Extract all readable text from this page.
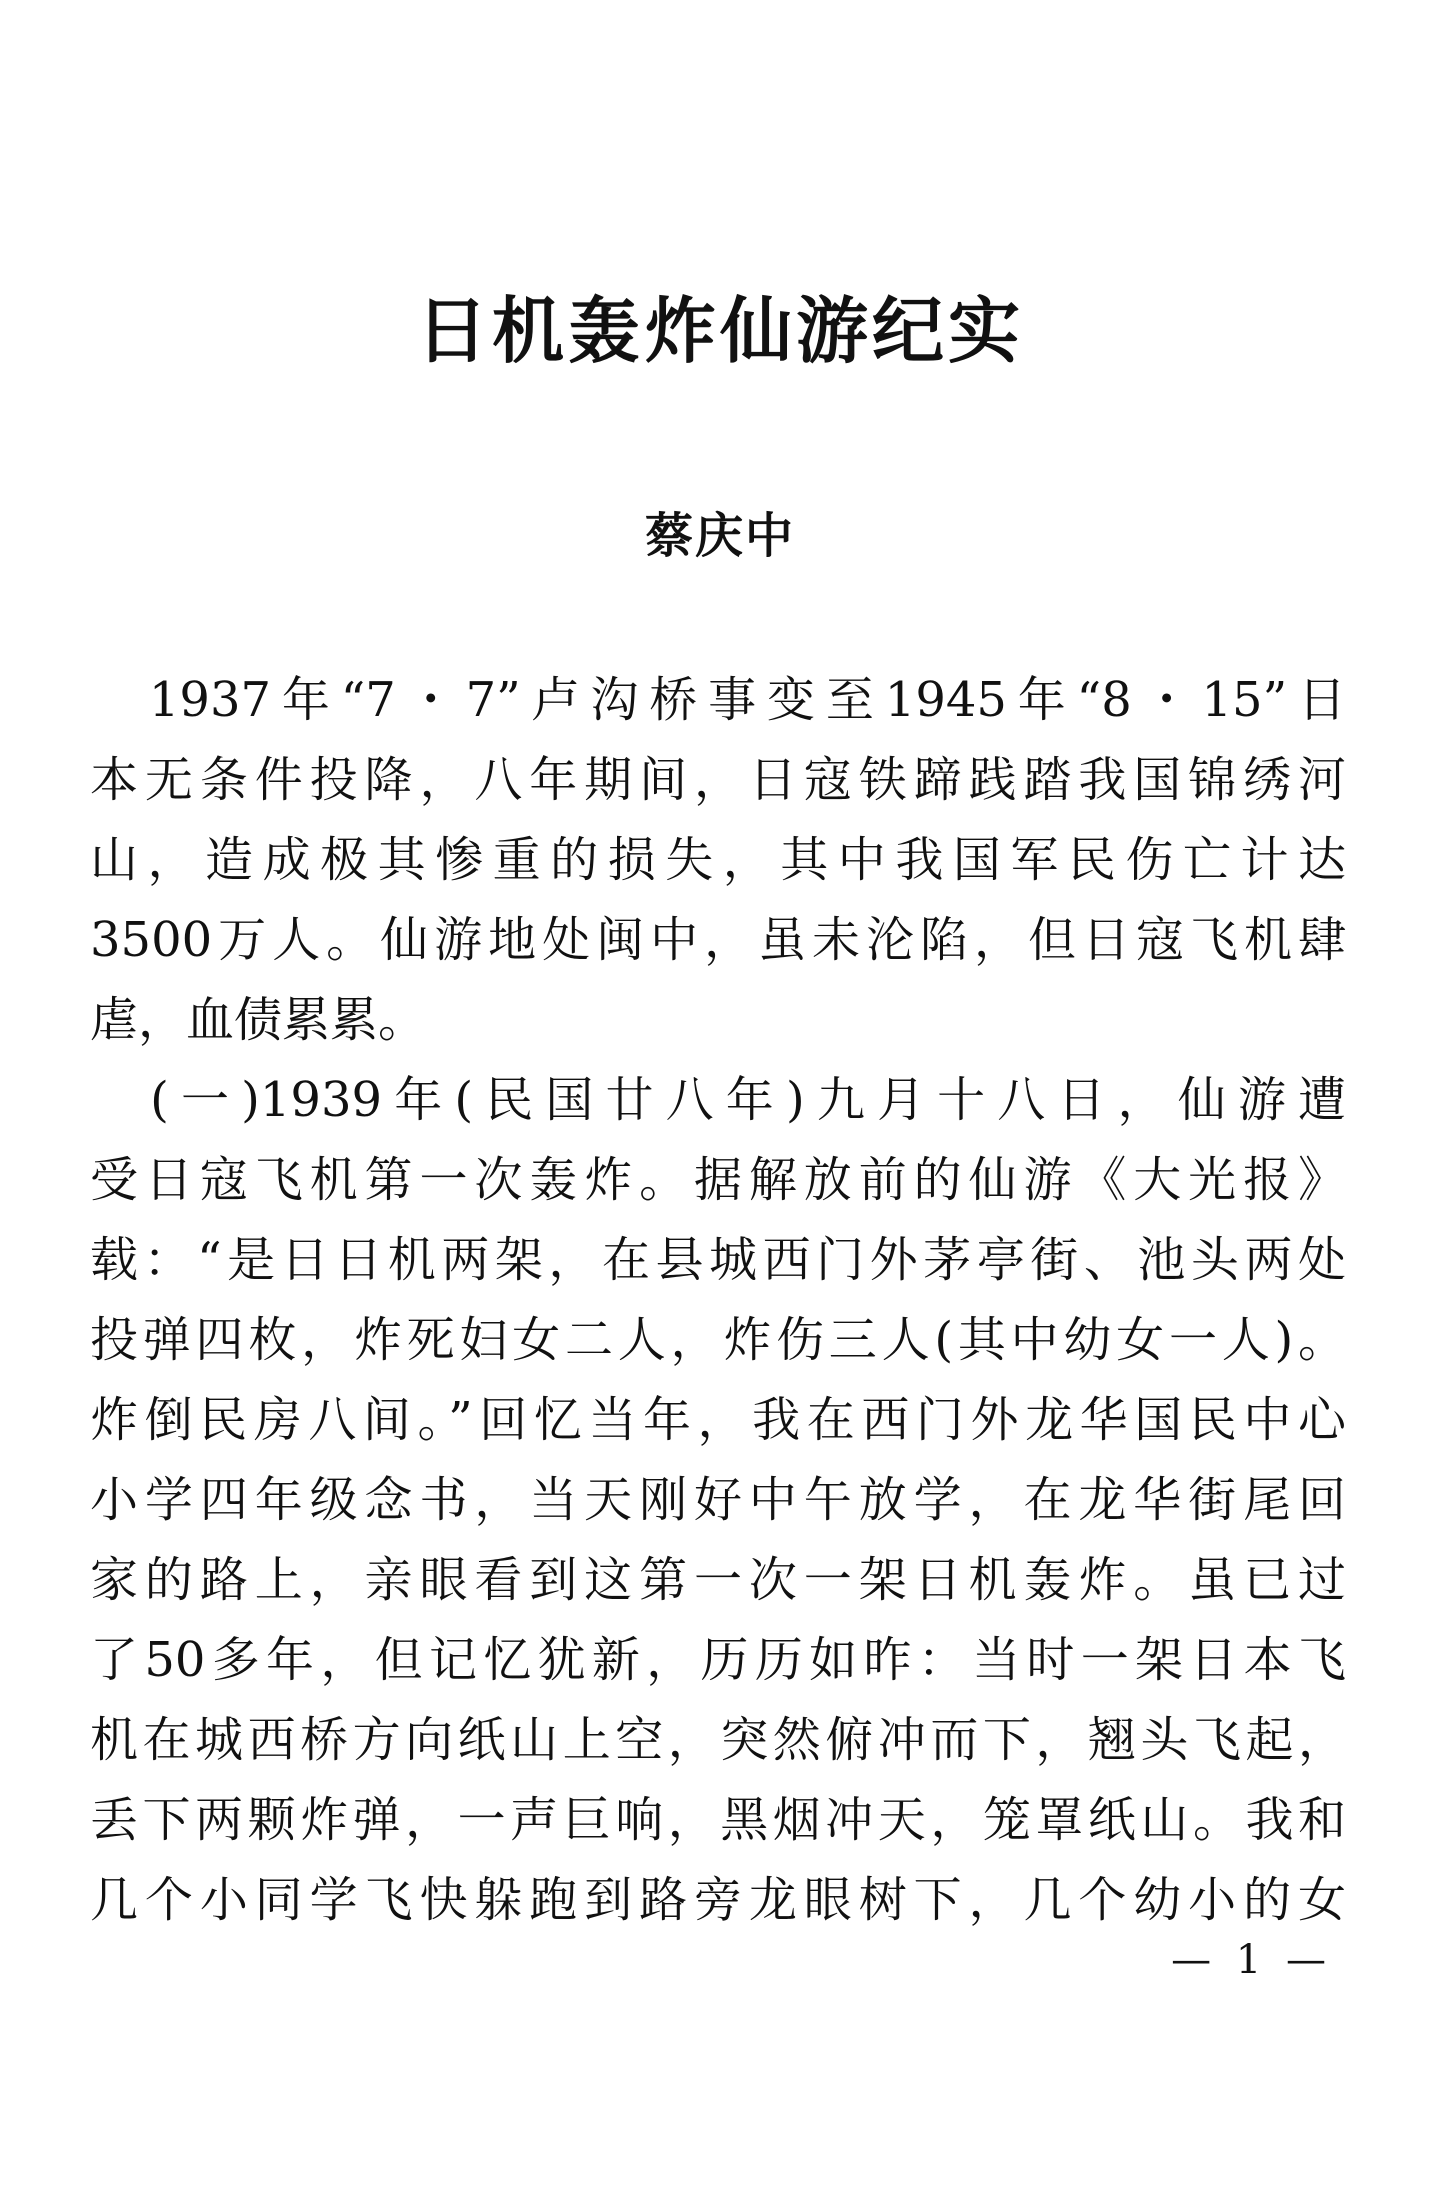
日机轰炸仙游纪实
蔡庆中
　1937年“7・7”卢沟桥事变至1945年“8・15”日
本无条件投降，八年期间，日寇铁蹄践踏我国锦绣河
山，造成极其惨重的损失，其中我国军民伤亡计达
3500万人。仙游地处闽中，虽未沦陷，但日寇飞机肆
虐，血债累累。
　(一)1939年(民国廿八年)九月十八日，仙游遭
受日寇飞机第一次轰炸。据解放前的仙游《大光报》
载：“是日日机两架，在县城西门外茅亭街、池头两处
投弹四枚，炸死妇女二人，炸伤三人(其中幼女一人)。
炸倒民房八间。”回忆当年，我在西门外龙华国民中心
小学四年级念书，当天刚好中午放学，在龙华街尾回
家的路上，亲眼看到这第一次一架日机轰炸。虽已过
了50多年，但记忆犹新，历历如昨：当时一架日本飞
机在城西桥方向纸山上空，突然俯冲而下，翘头飞起，
丢下两颗炸弹，一声巨响，黑烟冲天，笼罩纸山。我和
几个小同学飞快躲跑到路旁龙眼树下，几个幼小的女
— 1 —
